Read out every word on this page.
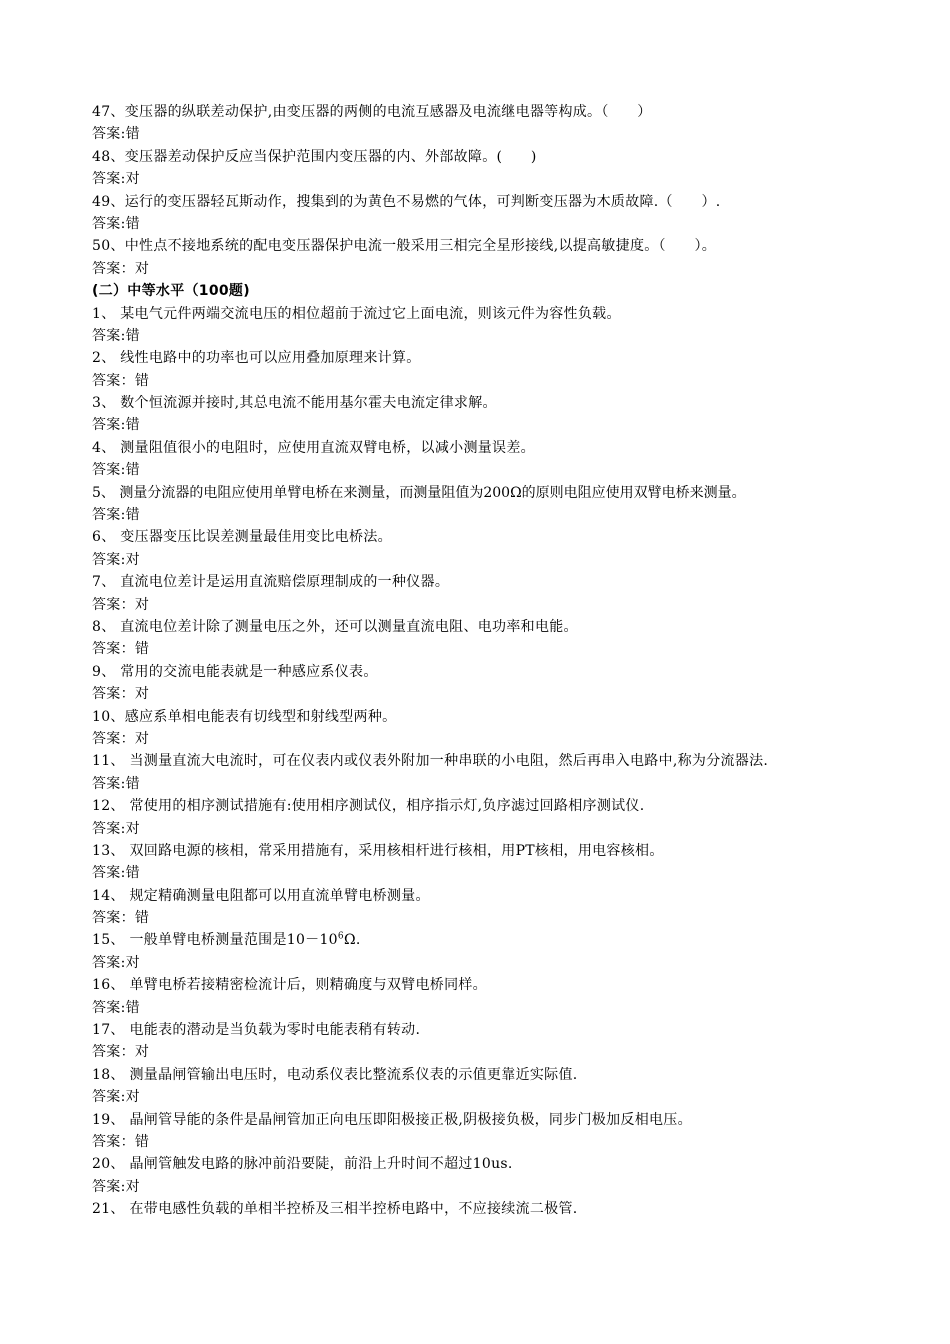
47、变压器的纵联差动保护,由变压器的两侧的电流互感器及电流继电器等构成。（　　）
答案:错
48、变压器差动保护反应当保护范围内变压器的内、外部故障。(　　)
答案:对
49、运行的变压器轻瓦斯动作，搜集到的为黄色不易燃的气体，可判断变压器为木质故障.（　　）.
答案:错
50、中性点不接地系统的配电变压器保护电流一般采用三相完全星形接线,以提高敏捷度。（　　）。
答案：对
(二）中等水平（100题)
1、 某电气元件两端交流电压的相位超前于流过它上面电流，则该元件为容性负载。
答案:错
2、 线性电路中的功率也可以应用叠加原理来计算。
答案：错
3、 数个恒流源并接时,其总电流不能用基尔霍夫电流定律求解。
答案:错
4、 测量阻值很小的电阻时，应使用直流双臂电桥，以减小测量误差。
答案:错
5、 测量分流器的电阻应使用单臂电桥在来测量，而测量阻值为200Ω的原则电阻应使用双臂电桥来测量。
答案:错
6、 变压器变压比误差测量最佳用变比电桥法。
答案:对
7、 直流电位差计是运用直流赔偿原理制成的一种仪器。
答案：对
8、 直流电位差计除了测量电压之外，还可以测量直流电阻、电功率和电能。
答案：错
9、 常用的交流电能表就是一种感应系仪表。
答案：对
10、感应系单相电能表有切线型和射线型两种。
答案：对
11、 当测量直流大电流时，可在仪表内或仪表外附加一种串联的小电阻，然后再串入电路中,称为分流器法.
答案:错
12、 常使用的相序测试措施有:使用相序测试仪，相序指示灯,负序滤过回路相序测试仪.
答案:对
13、 双回路电源的核相，常采用措施有，采用核相杆进行核相，用PT核相，用电容核相。
答案:错
14、 规定精确测量电阻都可以用直流单臂电桥测量。
答案：错
15、 一般单臂电桥测量范围是$10-10^6\Omega$.
答案:对
16、 单臂电桥若接精密检流计后，则精确度与双臂电桥同样。
答案:错
17、 电能表的潜动是当负载为零时电能表稍有转动.
答案：对
18、 测量晶闸管输出电压时，电动系仪表比整流系仪表的示值更靠近实际值.
答案:对
19、 晶闸管导能的条件是晶闸管加正向电压即阳极接正极,阴极接负极，同步门极加反相电压。
答案：错
20、 晶闸管触发电路的脉冲前沿要陡，前沿上升时间不超过10us.
答案:对
21、 在带电感性负载的单相半控桥及三相半控桥电路中，不应接续流二极管.
